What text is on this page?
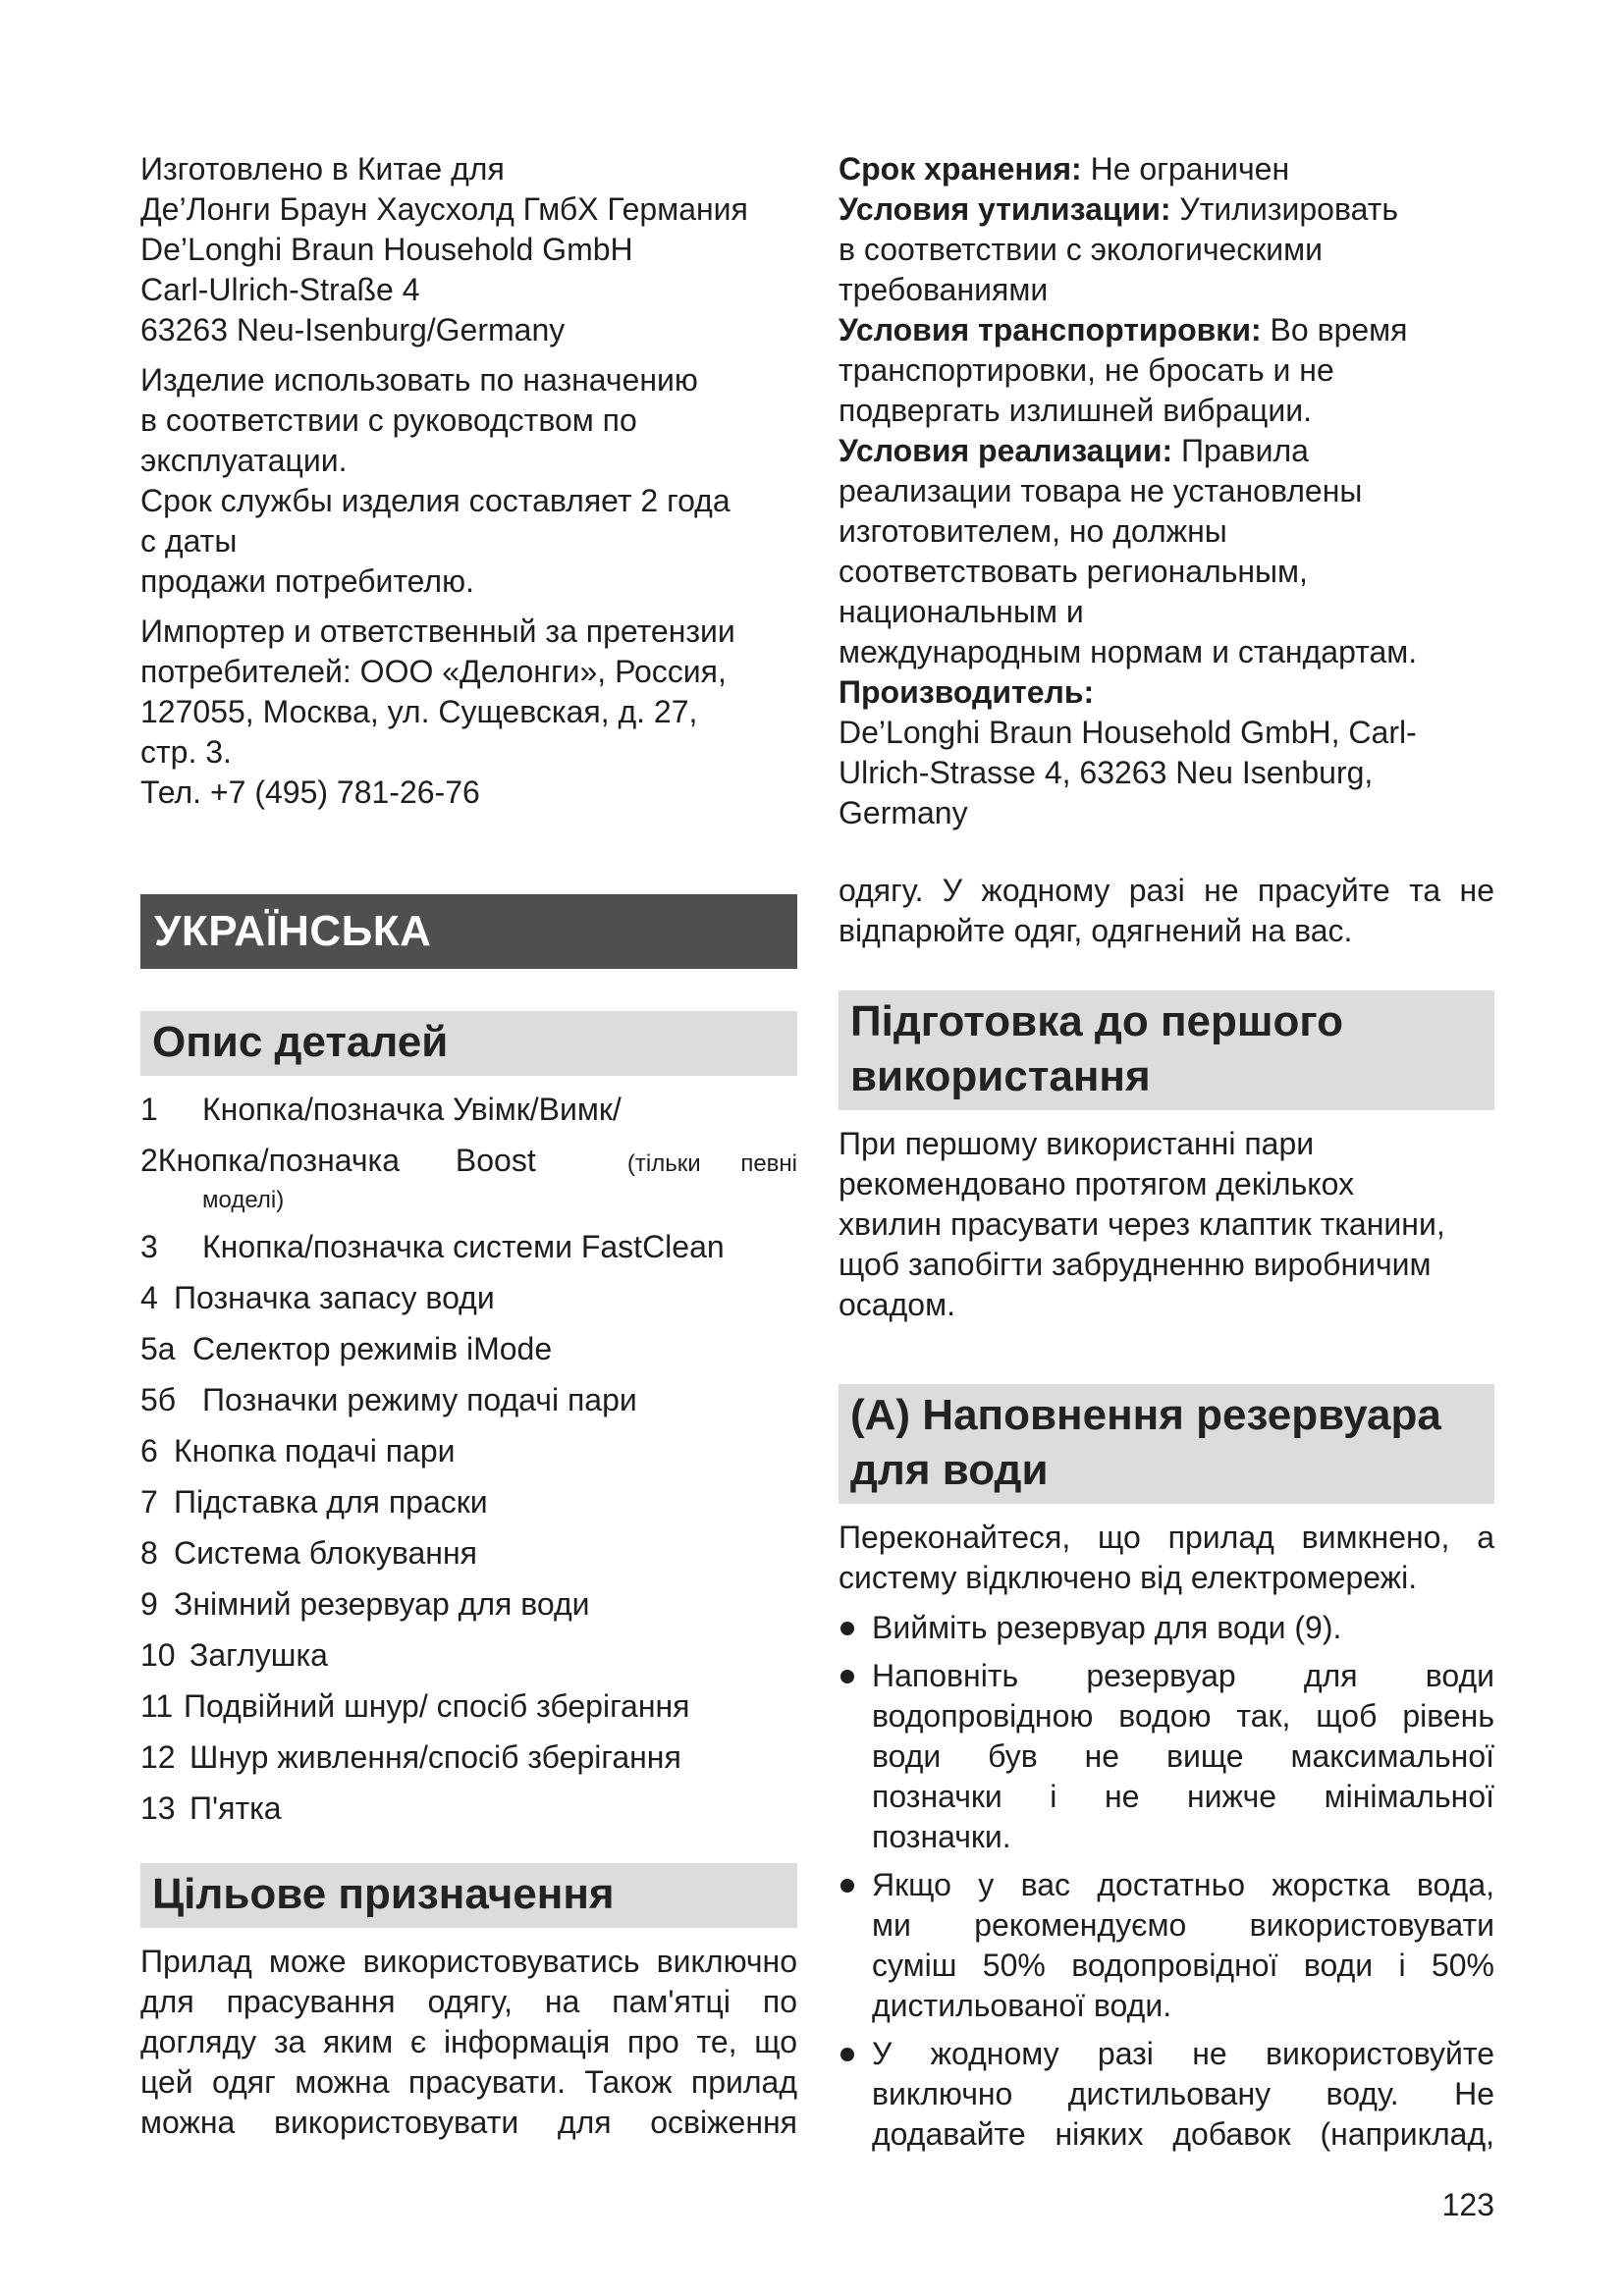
Изготовлено в Китае для
Де’Лонги Браун Хаусхолд ГмбХ Германия
De’Longhi Braun Household GmbH
Carl-Ulrich-Straße 4
63263 Neu-Isenburg/Germany
Изделие использовать по назначению
в соответствии с руководством по
эксплуатации.
Срок службы изделия составляет 2 года
с даты
продажи потребителю.
Импортер и ответственный за претензии
потребителей: ООО «Делонги», Россия,
127055, Москва, ул. Сущевская, д. 27,
стр. 3.
Тел. +7 (495) 781-26-76
УКРАЇНСЬКА
Опис деталей
1 Кнопка/позначка Увімк/Вимк/
2Кнопка/позначка Boost	(тільки певні
моделі)
3 Кнопка/позначка системи FastClean
4 Позначка запасу води
5а Селектор режимів iMode
5б Позначки режиму подачі пари
6 Кнопка подачі пари
7 Підставка для праски
8 Система блокування
9 Знімний резервуар для води
10 Заглушка
11 Подвійний шнур/ спосіб зберігання
12 Шнур живлення/спосіб зберігання
13 П'ятка
Цільове призначення
Прилад може використовуватись виключно
для прасування одягу, на пам'ятці по
догляду за яким є інформація про те, що
цей одяг можна прасувати. Також прилад
можна використовувати для освіження
Срок хранения: Не ограничен
Условия утилизации: Утилизировать
в соответствии с экологическими
требованиями
Условия транспортировки: Во время
транспортировки, не бросать и не
подвергать излишней вибрации.
Условия реализации: Правила
реализации товара не установлены
изготовителем, но должны
соответствовать региональным,
национальным и
международным нормам и стандартам.
Производитель:
De’Longhi Braun Household GmbH, Carl-
Ulrich-Strasse 4, 63263 Neu Isenburg,
Germany
одягу. У жодному разі не прасуйте та не
відпарюйте одяг, одягнений на вас.
Підготовка до першого
використання
При першому використанні пари
рекомендовано протягом декількох
хвилин прасувати через клаптик тканини,
щоб запобігти забрудненню виробничим
осадом.
(A) Наповнення резервуара
для води
Переконайтеся, що прилад вимкнено, а
систему відключено від електромережі.
Вийміть резервуар для води (9).
Наповніть резервуар для води
водопровідною водою так, щоб рівень
води був не вище максимальної
позначки і не нижче мінімальної
позначки.
Якщо у вас достатньо жорстка вода,
ми рекомендуємо використовувати
суміш 50% водопровідної води і 50%
дистильованої води.
У жодному разі не використовуйте
виключно дистильовану воду. Не
додавайте ніяких добавок (наприклад,
123
